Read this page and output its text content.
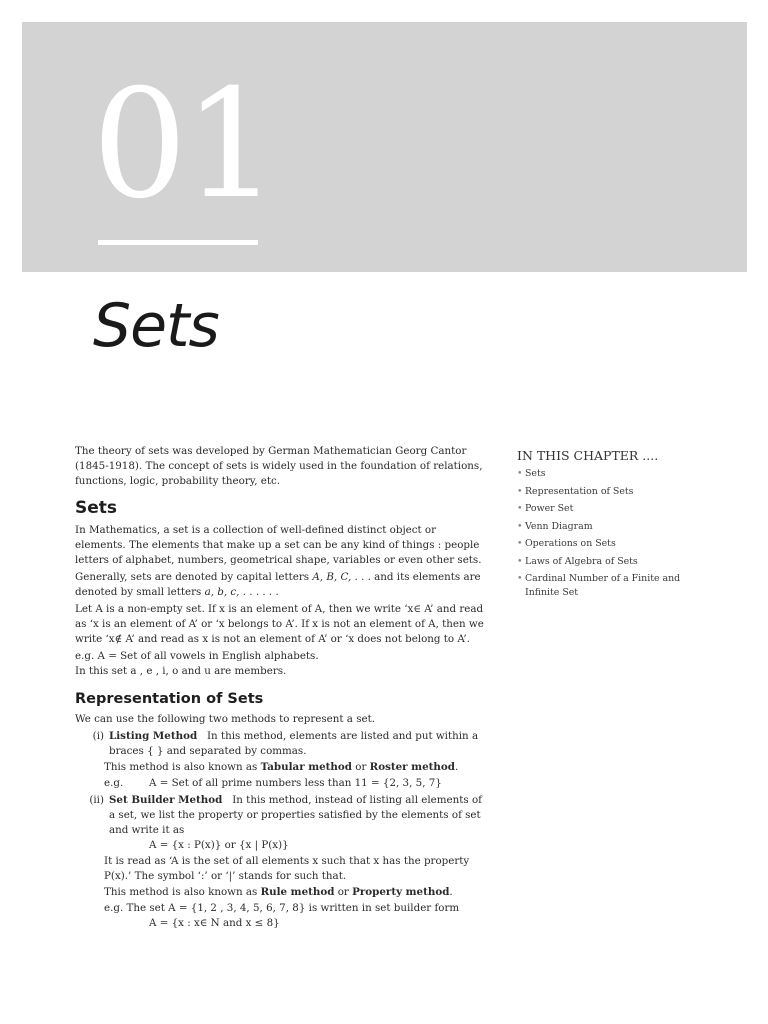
01
Sets

The theory of sets was developed by German Mathematician Georg Cantor (1845-1918). The concept of sets is widely used in the foundation of relations, functions, logic, probability theory, etc.

Sets

In Mathematics, a set is a collection of well-defined distinct object or elements. The elements that make up a set can be any kind of things : people letters of alphabet, numbers, geometrical shape, variables or even other sets.

Generally, sets are denoted by capital letters A, B, C, . . . and its elements are denoted by small letters a, b, c, . . . . . .

Let A is a non-empty set. If x is an element of A, then we write ‘x∈ A’ and read as ‘x is an element of A’ or ‘x belongs to A’. If x is not an element of A, then we write ‘x∉ A’ and read as x is not an element of A’ or ‘x does not belong to A’.

e.g. A = Set of all vowels in English alphabets.

In this set a , e , i, o and u are members.

Representation of Sets

We can use the following two methods to represent a set.

(i) Listing Method In this method, elements are listed and put within a braces { } and separated by commas.

This method is also known as Tabular method or Roster method.

e.g.	A = Set of all prime numbers less than 11 = {2, 3, 5, 7}
(ii) Set Builder Method In this method, instead of listing all elements of a set, we list the property or properties satisfied by the elements of set and write it as

A = {x : P(x)} or {x | P(x)}

It is read as ‘A is the set of all elements x such that x has the property P(x).’ The symbol ‘:’ or ‘|’ stands for such that.

This method is also known as Rule method or Property method.

e.g. The set A = {1, 2 , 3, 4, 5, 6, 7, 8} is written in set builder form

A = {x : x∈ N and x ≤ 8}

IN THIS CHAPTER ....
• Sets
• Representation of Sets
• Power Set
• Venn Diagram
• Operations on Sets
• Laws of Algebra of Sets
• Cardinal Number of a Finite and Infinite Set
